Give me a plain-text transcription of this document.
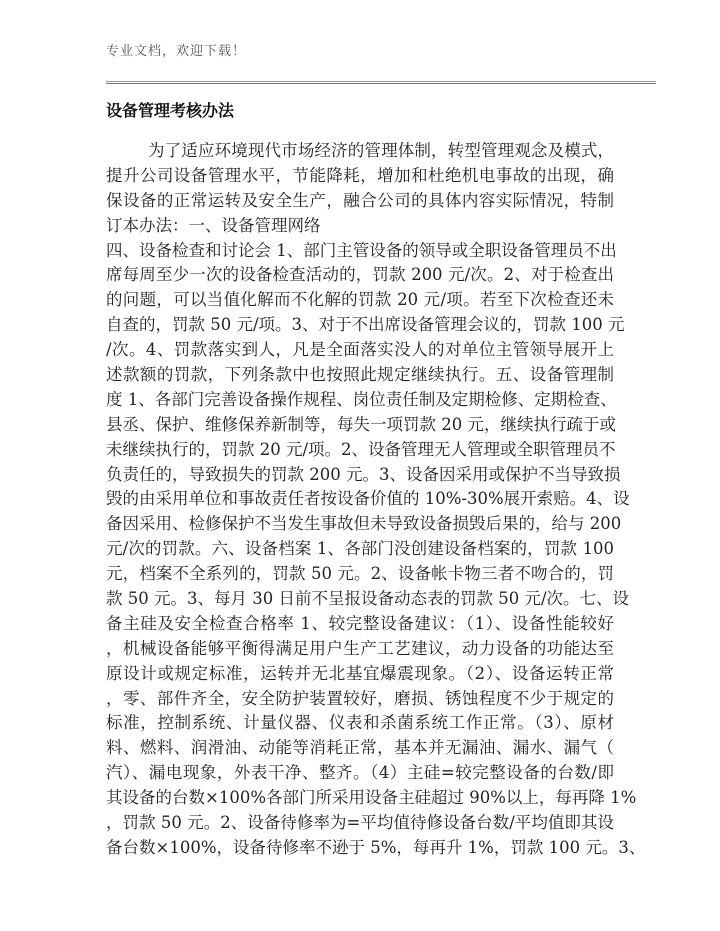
专业文档，欢迎下载！
设备管理考核办法
为了适应环境现代市场经济的管理体制，转型管理观念及模式，
提升公司设备管理水平，节能降耗，增加和杜绝机电事故的出现，确
保设备的正常运转及安全生产，融合公司的具体内容实际情况，特制
订本办法：一、设备管理网络
四、设备检查和讨论会 1、部门主管设备的领导或全职设备管理员不出
席每周至少一次的设备检查活动的，罚款 200 元/次。2、对于检查出
的问题，可以当值化解而不化解的罚款 20 元/项。若至下次检查还未
自查的，罚款 50 元/项。3、对于不出席设备管理会议的，罚款 100 元
/次。4、罚款落实到人，凡是全面落实没人的对单位主管领导展开上
述款额的罚款，下列条款中也按照此规定继续执行。五、设备管理制
度 1、各部门完善设备操作规程、岗位责任制及定期检修、定期检查、
县丞、保护、维修保养新制等，每失一项罚款 20 元，继续执行疏于或
未继续执行的，罚款 20 元/项。2、设备管理无人管理或全职管理员不
负责任的，导致损失的罚款 200 元。3、设备因采用或保护不当导致损
毁的由采用单位和事故责任者按设备价值的 10%-30%展开索赔。4、设
备因采用、检修保护不当发生事故但未导致设备损毁后果的，给与 200
元/次的罚款。六、设备档案 1、各部门没创建设备档案的，罚款 100
元，档案不全系列的，罚款 50 元。2、设备帐卡物三者不吻合的，罚
款 50 元。3、每月 30 日前不呈报设备动态表的罚款 50 元/次。七、设
备主硅及安全检查合格率 1、较完整设备建议：（1）、设备性能较好
，机械设备能够平衡得满足用户生产工艺建议，动力设备的功能达至
原设计或规定标准，运转并无北基宜爆震现象。（2）、设备运转正常
，零、部件齐全，安全防护装置较好，磨损、锈蚀程度不少于规定的
标准，控制系统、计量仪器、仪表和杀菌系统工作正常。（3）、原材
料、燃料、润滑油、动能等消耗正常，基本并无漏油、漏水、漏气（
汽）、漏电现象，外表干净、整齐。（4）主硅=较完整设备的台数/即
其设备的台数×100%各部门所采用设备主硅超过 90%以上，每再降 1%
，罚款 50 元。2、设备待修率为=平均值待修设备台数/平均值即其设
备台数×100%，设备待修率不逊于 5%，每再升 1%，罚款 100 元。3、
